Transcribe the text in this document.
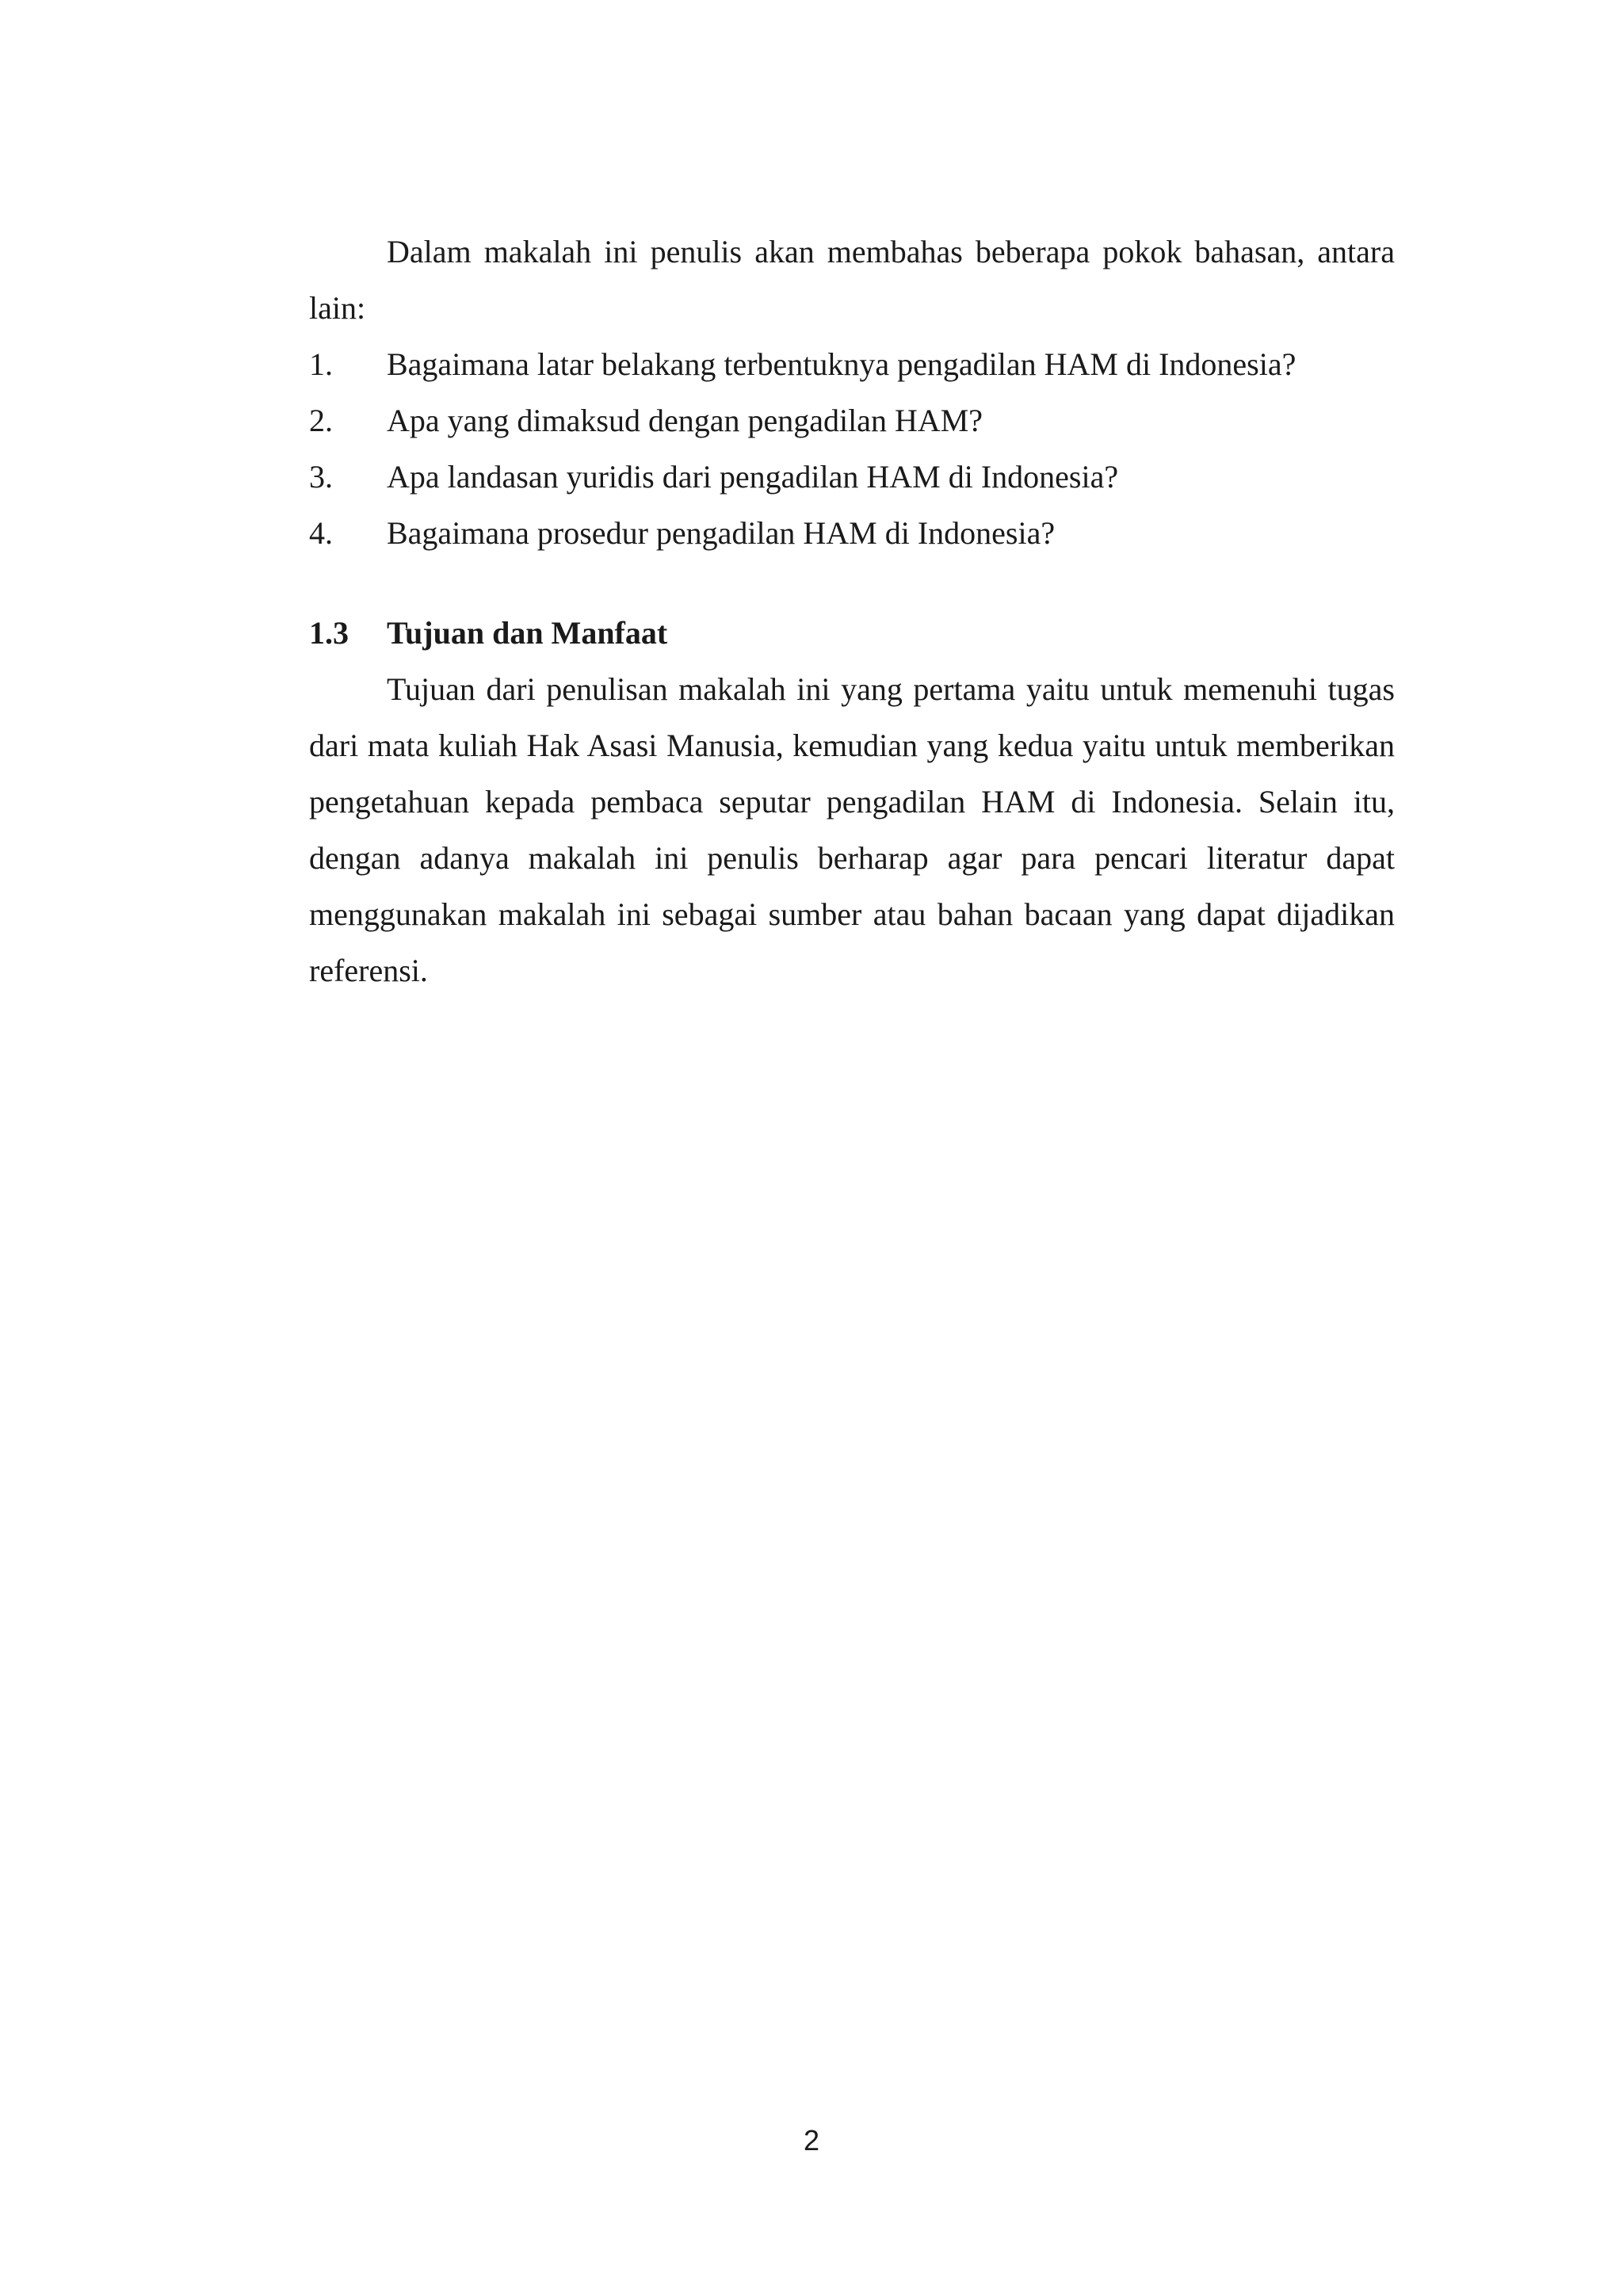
Dalam makalah ini penulis akan membahas beberapa pokok bahasan, antara lain:

1.	Bagaimana latar belakang terbentuknya pengadilan HAM di Indonesia?
2.	Apa yang dimaksud dengan pengadilan HAM?
3.	Apa landasan yuridis dari pengadilan HAM di Indonesia?
4.	Bagaimana prosedur pengadilan HAM di Indonesia?
1.3	Tujuan dan Manfaat

Tujuan dari penulisan makalah ini yang pertama yaitu untuk memenuhi tugas dari mata kuliah Hak Asasi Manusia, kemudian yang kedua yaitu untuk memberikan pengetahuan kepada pembaca seputar pengadilan HAM di Indonesia. Selain itu, dengan adanya makalah ini penulis berharap agar para pencari literatur dapat menggunakan makalah ini sebagai sumber atau bahan bacaan yang dapat dijadikan referensi.

2
